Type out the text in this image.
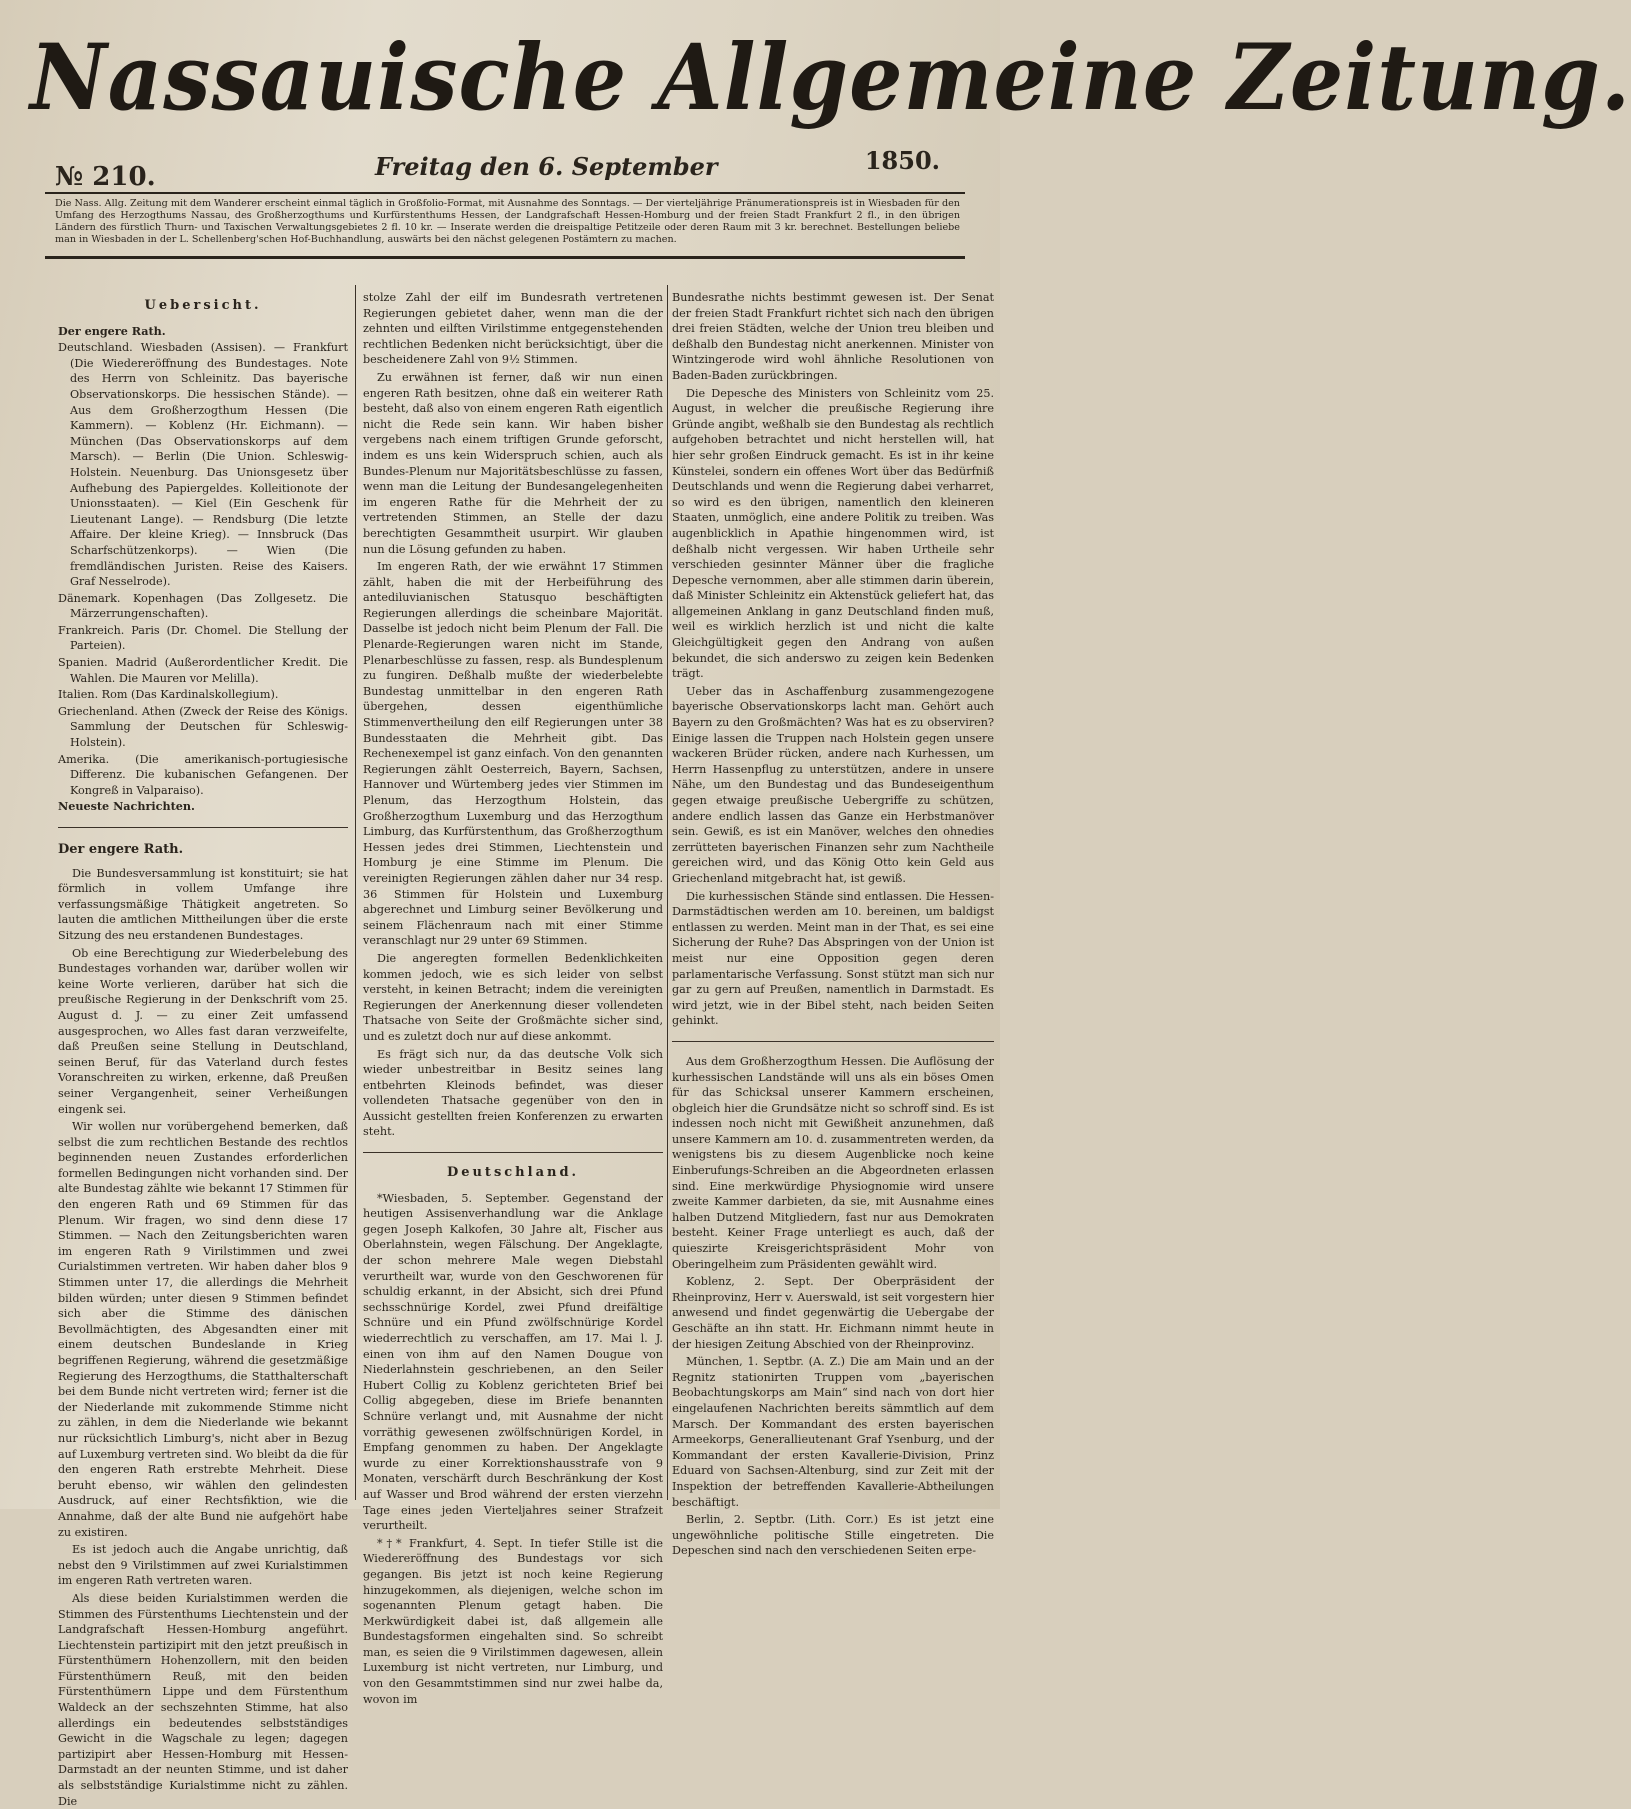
Nassauische Allgemeine Zeitung.
№ 210.	Freitag den 6. September	1850.
Die Nass. Allg. Zeitung mit dem Wanderer erscheint einmal täglich in Großfolio-Format, mit Ausnahme des Sonntags. — Der vierteljährige Pränumerationspreis ist in Wiesbaden für den Umfang des Herzogthums Nassau, des Großherzogthums und Kurfürstenthums Hessen, der Landgrafschaft Hessen-Homburg und der freien Stadt Frankfurt 2 fl., in den übrigen Ländern des fürstlich Thurn- und Taxischen Verwaltungsgebietes 2 fl. 10 kr. — Inserate werden die dreispaltige Petitzeile oder deren Raum mit 3 kr. berechnet. Bestellungen beliebe man in Wiesbaden in der L. Schellenberg'schen Hof-Buchhandlung, auswärts bei den nächst gelegenen Postämtern zu machen.
Uebersicht.

Der engere Rath.

Deutschland. Wiesbaden (Assisen). — Frankfurt (Die Wiedereröffnung des Bundestages. Note des Herrn von Schleinitz. Das bayerische Observationskorps. Die hessischen Stände). — Aus dem Großherzogthum Hessen (Die Kammern). — Koblenz (Hr. Eichmann). — München (Das Observationskorps auf dem Marsch). — Berlin (Die Union. Schleswig-Holstein. Neuenburg. Das Unionsgesetz über Aufhebung des Papiergeldes. Kolleitionote der Unionsstaaten). — Kiel (Ein Geschenk für Lieutenant Lange). — Rendsburg (Die letzte Affaire. Der kleine Krieg). — Innsbruck (Das Scharfschützenkorps). — Wien (Die fremdländischen Juristen. Reise des Kaisers. Graf Nesselrode).

Dänemark. Kopenhagen (Das Zollgesetz. Die Märzerrungenschaften).

Frankreich. Paris (Dr. Chomel. Die Stellung der Parteien).

Spanien. Madrid (Außerordentlicher Kredit. Die Wahlen. Die Mauren vor Melilla).

Italien. Rom (Das Kardinalskollegium).

Griechenland. Athen (Zweck der Reise des Königs. Sammlung der Deutschen für Schleswig-Holstein).

Amerika. (Die amerikanisch-portugiesische Differenz. Die kubanischen Gefangenen. Der Kongreß in Valparaiso).

Neueste Nachrichten.

Der engere Rath.

Die Bundesversammlung ist konstituirt; sie hat förmlich in vollem Umfange ihre verfassungsmäßige Thätigkeit angetreten. So lauten die amtlichen Mittheilungen über die erste Sitzung des neu erstandenen Bundestages.

Ob eine Berechtigung zur Wiederbelebung des Bundestages vorhanden war, darüber wollen wir keine Worte verlieren, darüber hat sich die preußische Regierung in der Denkschrift vom 25. August d. J. — zu einer Zeit umfassend ausgesprochen, wo Alles fast daran verzweifelte, daß Preußen seine Stellung in Deutschland, seinen Beruf, für das Vaterland durch festes Voranschreiten zu wirken, erkenne, daß Preußen seiner Vergangenheit, seiner Verheißungen eingenk sei.

Wir wollen nur vorübergehend bemerken, daß selbst die zum rechtlichen Bestande des rechtlos beginnenden neuen Zustandes erforderlichen formellen Bedingungen nicht vorhanden sind. Der alte Bundestag zählte wie bekannt 17 Stimmen für den engeren Rath und 69 Stimmen für das Plenum. Wir fragen, wo sind denn diese 17 Stimmen. — Nach den Zeitungsberichten waren im engeren Rath 9 Virilstimmen und zwei Curialstimmen vertreten. Wir haben daher blos 9 Stimmen unter 17, die allerdings die Mehrheit bilden würden; unter diesen 9 Stimmen befindet sich aber die Stimme des dänischen Bevollmächtigten, des Abgesandten einer mit einem deutschen Bundeslande in Krieg begriffenen Regierung, während die gesetzmäßige Regierung des Herzogthums, die Statthalterschaft bei dem Bunde nicht vertreten wird; ferner ist die der Niederlande mit zukommende Stimme nicht zu zählen, in dem die Niederlande wie bekannt nur rücksichtlich Limburg's, nicht aber in Bezug auf Luxemburg vertreten sind. Wo bleibt da die für den engeren Rath erstrebte Mehrheit. Diese beruht ebenso, wir wählen den gelindesten Ausdruck, auf einer Rechtsfiktion, wie die Annahme, daß der alte Bund nie aufgehört habe zu existiren.

Es ist jedoch auch die Angabe unrichtig, daß nebst den 9 Virilstimmen auf zwei Kurialstimmen im engeren Rath vertreten waren.

Als diese beiden Kurialstimmen werden die Stimmen des Fürstenthums Liechtenstein und der Landgrafschaft Hessen-Homburg angeführt. Liechtenstein partizipirt mit den jetzt preußisch in Fürstenthümern Hohenzollern, mit den beiden Fürstenthümern Reuß, mit den beiden Fürstenthümern Lippe und dem Fürstenthum Waldeck an der sechszehnten Stimme, hat also allerdings ein bedeutendes selbstständiges Gewicht in die Wagschale zu legen; dagegen partizipirt aber Hessen-Homburg mit Hessen-Darmstadt an der neunten Stimme, und ist daher als selbstständige Kurialstimme nicht zu zählen. Die

stolze Zahl der eilf im Bundesrath vertretenen Regierungen gebietet daher, wenn man die der zehnten und eilften Virilstimme entgegenstehenden rechtlichen Bedenken nicht berücksichtigt, über die bescheidenere Zahl von 9½ Stimmen.

Zu erwähnen ist ferner, daß wir nun einen engeren Rath besitzen, ohne daß ein weiterer Rath besteht, daß also von einem engeren Rath eigentlich nicht die Rede sein kann. Wir haben bisher vergebens nach einem triftigen Grunde geforscht, indem es uns kein Widerspruch schien, auch als Bundes-Plenum nur Majoritätsbeschlüsse zu fassen, wenn man die Leitung der Bundesangelegenheiten im engeren Rathe für die Mehrheit der zu vertretenden Stimmen, an Stelle der dazu berechtigten Gesammtheit usurpirt. Wir glauben nun die Lösung gefunden zu haben.

Im engeren Rath, der wie erwähnt 17 Stimmen zählt, haben die mit der Herbeiführung des antediluvianischen Statusquo beschäftigten Regierungen allerdings die scheinbare Majorität. Dasselbe ist jedoch nicht beim Plenum der Fall. Die Plenarde-Regierungen waren nicht im Stande, Plenarbeschlüsse zu fassen, resp. als Bundesplenum zu fungiren. Deßhalb mußte der wiederbelebte Bundestag unmittelbar in den engeren Rath übergehen, dessen eigenthümliche Stimmenvertheilung den eilf Regierungen unter 38 Bundesstaaten die Mehrheit gibt. Das Rechenexempel ist ganz einfach. Von den genannten Regierungen zählt Oesterreich, Bayern, Sachsen, Hannover und Würtemberg jedes vier Stimmen im Plenum, das Herzogthum Holstein, das Großherzogthum Luxemburg und das Herzogthum Limburg, das Kurfürstenthum, das Großherzogthum Hessen jedes drei Stimmen, Liechtenstein und Homburg je eine Stimme im Plenum. Die vereinigten Regierungen zählen daher nur 34 resp. 36 Stimmen für Holstein und Luxemburg abgerechnet und Limburg seiner Bevölkerung und seinem Flächenraum nach mit einer Stimme veranschlagt nur 29 unter 69 Stimmen.

Die angeregten formellen Bedenklichkeiten kommen jedoch, wie es sich leider von selbst versteht, in keinen Betracht; indem die vereinigten Regierungen der Anerkennung dieser vollendeten Thatsache von Seite der Großmächte sicher sind, und es zuletzt doch nur auf diese ankommt.

Es frägt sich nur, da das deutsche Volk sich wieder unbestreitbar in Besitz seines lang entbehrten Kleinods befindet, was dieser vollendeten Thatsache gegenüber von den in Aussicht gestellten freien Konferenzen zu erwarten steht.

Deutschland.

*Wiesbaden, 5. September. Gegenstand der heutigen Assisenverhandlung war die Anklage gegen Joseph Kalkofen, 30 Jahre alt, Fischer aus Oberlahnstein, wegen Fälschung. Der Angeklagte, der schon mehrere Male wegen Diebstahl verurtheilt war, wurde von den Geschworenen für schuldig erkannt, in der Absicht, sich drei Pfund sechsschnürige Kordel, zwei Pfund dreifältige Schnüre und ein Pfund zwölfschnürige Kordel wiederrechtlich zu verschaffen, am 17. Mai l. J. einen von ihm auf den Namen Dougue von Niederlahnstein geschriebenen, an den Seiler Hubert Collig zu Koblenz gerichteten Brief bei Collig abgegeben, diese im Briefe benannten Schnüre verlangt und, mit Ausnahme der nicht vorräthig gewesenen zwölfschnürigen Kordel, in Empfang genommen zu haben. Der Angeklagte wurde zu einer Korrektionshausstrafe von 9 Monaten, verschärft durch Beschränkung der Kost auf Wasser und Brod während der ersten vierzehn Tage eines jeden Vierteljahres seiner Strafzeit verurtheilt.

*†* Frankfurt, 4. Sept. In tiefer Stille ist die Wiedereröffnung des Bundestags vor sich gegangen. Bis jetzt ist noch keine Regierung hinzugekommen, als diejenigen, welche schon im sogenannten Plenum getagt haben. Die Merkwürdigkeit dabei ist, daß allgemein alle Bundestagsformen eingehalten sind. So schreibt man, es seien die 9 Virilstimmen dagewesen, allein Luxemburg ist nicht vertreten, nur Limburg, und von den Gesammtstimmen sind nur zwei halbe da, wovon im

Bundesrathe nichts bestimmt gewesen ist. Der Senat der freien Stadt Frankfurt richtet sich nach den übrigen drei freien Städten, welche der Union treu bleiben und deßhalb den Bundestag nicht anerkennen. Minister von Wintzingerode wird wohl ähnliche Resolutionen von Baden-Baden zurückbringen.

Die Depesche des Ministers von Schleinitz vom 25. August, in welcher die preußische Regierung ihre Gründe angibt, weßhalb sie den Bundestag als rechtlich aufgehoben betrachtet und nicht herstellen will, hat hier sehr großen Eindruck gemacht. Es ist in ihr keine Künstelei, sondern ein offenes Wort über das Bedürfniß Deutschlands und wenn die Regierung dabei verharret, so wird es den übrigen, namentlich den kleineren Staaten, unmöglich, eine andere Politik zu treiben. Was augenblicklich in Apathie hingenommen wird, ist deßhalb nicht vergessen. Wir haben Urtheile sehr verschieden gesinnter Männer über die fragliche Depesche vernommen, aber alle stimmen darin überein, daß Minister Schleinitz ein Aktenstück geliefert hat, das allgemeinen Anklang in ganz Deutschland finden muß, weil es wirklich herzlich ist und nicht die kalte Gleichgültigkeit gegen den Andrang von außen bekundet, die sich anderswo zu zeigen kein Bedenken trägt.

Ueber das in Aschaffenburg zusammengezogene bayerische Observationskorps lacht man. Gehört auch Bayern zu den Großmächten? Was hat es zu observiren? Einige lassen die Truppen nach Holstein gegen unsere wackeren Brüder rücken, andere nach Kurhessen, um Herrn Hassenpflug zu unterstützen, andere in unsere Nähe, um den Bundestag und das Bundeseigenthum gegen etwaige preußische Uebergriffe zu schützen, andere endlich lassen das Ganze ein Herbstmanöver sein. Gewiß, es ist ein Manöver, welches den ohnedies zerrütteten bayerischen Finanzen sehr zum Nachtheile gereichen wird, und das König Otto kein Geld aus Griechenland mitgebracht hat, ist gewiß.

Die kurhessischen Stände sind entlassen. Die Hessen-Darmstädtischen werden am 10. bereinen, um baldigst entlassen zu werden. Meint man in der That, es sei eine Sicherung der Ruhe? Das Abspringen von der Union ist meist nur eine Opposition gegen deren parlamentarische Verfassung. Sonst stützt man sich nur gar zu gern auf Preußen, namentlich in Darmstadt. Es wird jetzt, wie in der Bibel steht, nach beiden Seiten gehinkt.

Aus dem Großherzogthum Hessen. Die Auflösung der kurhessischen Landstände will uns als ein böses Omen für das Schicksal unserer Kammern erscheinen, obgleich hier die Grundsätze nicht so schroff sind. Es ist indessen noch nicht mit Gewißheit anzunehmen, daß unsere Kammern am 10. d. zusammentreten werden, da wenigstens bis zu diesem Augenblicke noch keine Einberufungs-Schreiben an die Abgeordneten erlassen sind. Eine merkwürdige Physiognomie wird unsere zweite Kammer darbieten, da sie, mit Ausnahme eines halben Dutzend Mitgliedern, fast nur aus Demokraten besteht. Keiner Frage unterliegt es auch, daß der quieszirte Kreisgerichtspräsident Mohr von Oberingelheim zum Präsidenten gewählt wird.

Koblenz, 2. Sept. Der Oberpräsident der Rheinprovinz, Herr v. Auerswald, ist seit vorgestern hier anwesend und findet gegenwärtig die Uebergabe der Geschäfte an ihn statt. Hr. Eichmann nimmt heute in der hiesigen Zeitung Abschied von der Rheinprovinz.

München, 1. Septbr. (A. Z.) Die am Main und an der Regnitz stationirten Truppen vom „bayerischen Beobachtungskorps am Main“ sind nach von dort hier eingelaufenen Nachrichten bereits sämmtlich auf dem Marsch. Der Kommandant des ersten bayerischen Armeekorps, Generallieutenant Graf Ysenburg, und der Kommandant der ersten Kavallerie-Division, Prinz Eduard von Sachsen-Altenburg, sind zur Zeit mit der Inspektion der betreffenden Kavallerie-Abtheilungen beschäftigt.

Berlin, 2. Septbr. (Lith. Corr.) Es ist jetzt eine ungewöhnliche politische Stille eingetreten. Die Depeschen sind nach den verschiedenen Seiten erpe-
